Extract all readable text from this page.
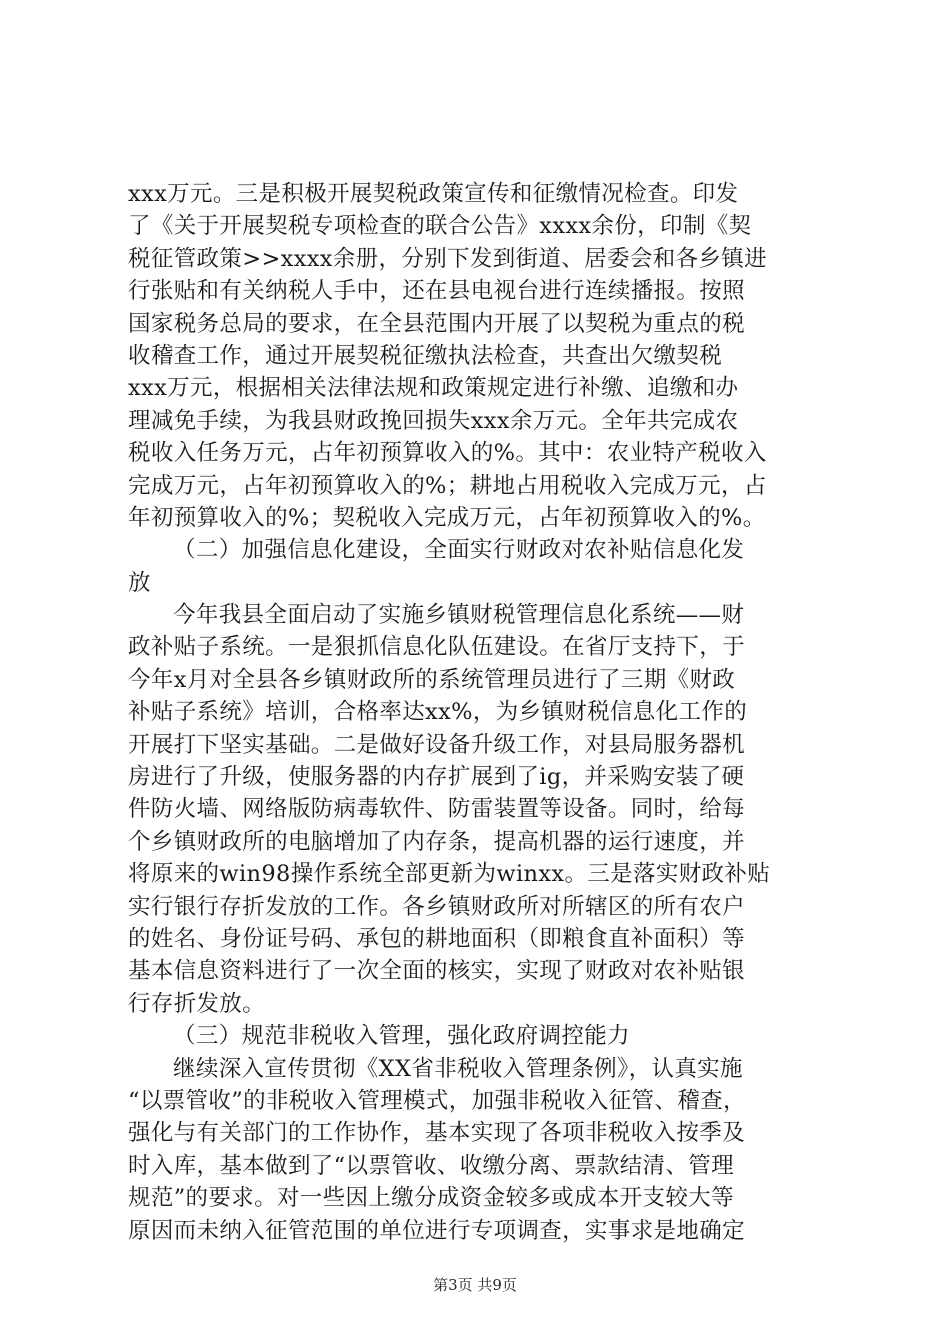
xxx万元。三是积极开展契税政策宣传和征缴情况检查。印发
了《关于开展契税专项检查的联合公告》xxxx余份，印制《契
税征管政策>>xxxx余册，分别下发到街道、居委会和各乡镇进
行张贴和有关纳税人手中，还在县电视台进行连续播报。按照
国家税务总局的要求，在全县范围内开展了以契税为重点的税
收稽查工作，通过开展契税征缴执法检查，共查出欠缴契税
xxx万元，根据相关法律法规和政策规定进行补缴、追缴和办
理减免手续，为我县财政挽回损失xxx余万元。全年共完成农
税收入任务万元，占年初预算收入的%。其中：农业特产税收入
完成万元，占年初预算收入的%；耕地占用税收入完成万元，占
年初预算收入的%；契税收入完成万元，占年初预算收入的%。
（二）加强信息化建设，全面实行财政对农补贴信息化发
放
今年我县全面启动了实施乡镇财税管理信息化系统——财
政补贴子系统。一是狠抓信息化队伍建设。在省厅支持下，于
今年x月对全县各乡镇财政所的系统管理员进行了三期《财政
补贴子系统》培训，合格率达xx%，为乡镇财税信息化工作的
开展打下坚实基础。二是做好设备升级工作，对县局服务器机
房进行了升级，使服务器的内存扩展到了ig，并采购安装了硬
件防火墙、网络版防病毒软件、防雷装置等设备。同时，给每
个乡镇财政所的电脑增加了内存条，提高机器的运行速度，并
将原来的win98操作系统全部更新为winxx。三是落实财政补贴
实行银行存折发放的工作。各乡镇财政所对所辖区的所有农户
的姓名、身份证号码、承包的耕地面积（即粮食直补面积）等
基本信息资料进行了一次全面的核实，实现了财政对农补贴银
行存折发放。
（三）规范非税收入管理，强化政府调控能力
继续深入宣传贯彻《XX省非税收入管理条例》，认真实施
“以票管收”的非税收入管理模式，加强非税收入征管、稽查，
强化与有关部门的工作协作，基本实现了各项非税收入按季及
时入库，基本做到了“以票管收、收缴分离、票款结清、管理
规范”的要求。对一些因上缴分成资金较多或成本开支较大等
原因而未纳入征管范围的单位进行专项调查，实事求是地确定
第3页 共9页
